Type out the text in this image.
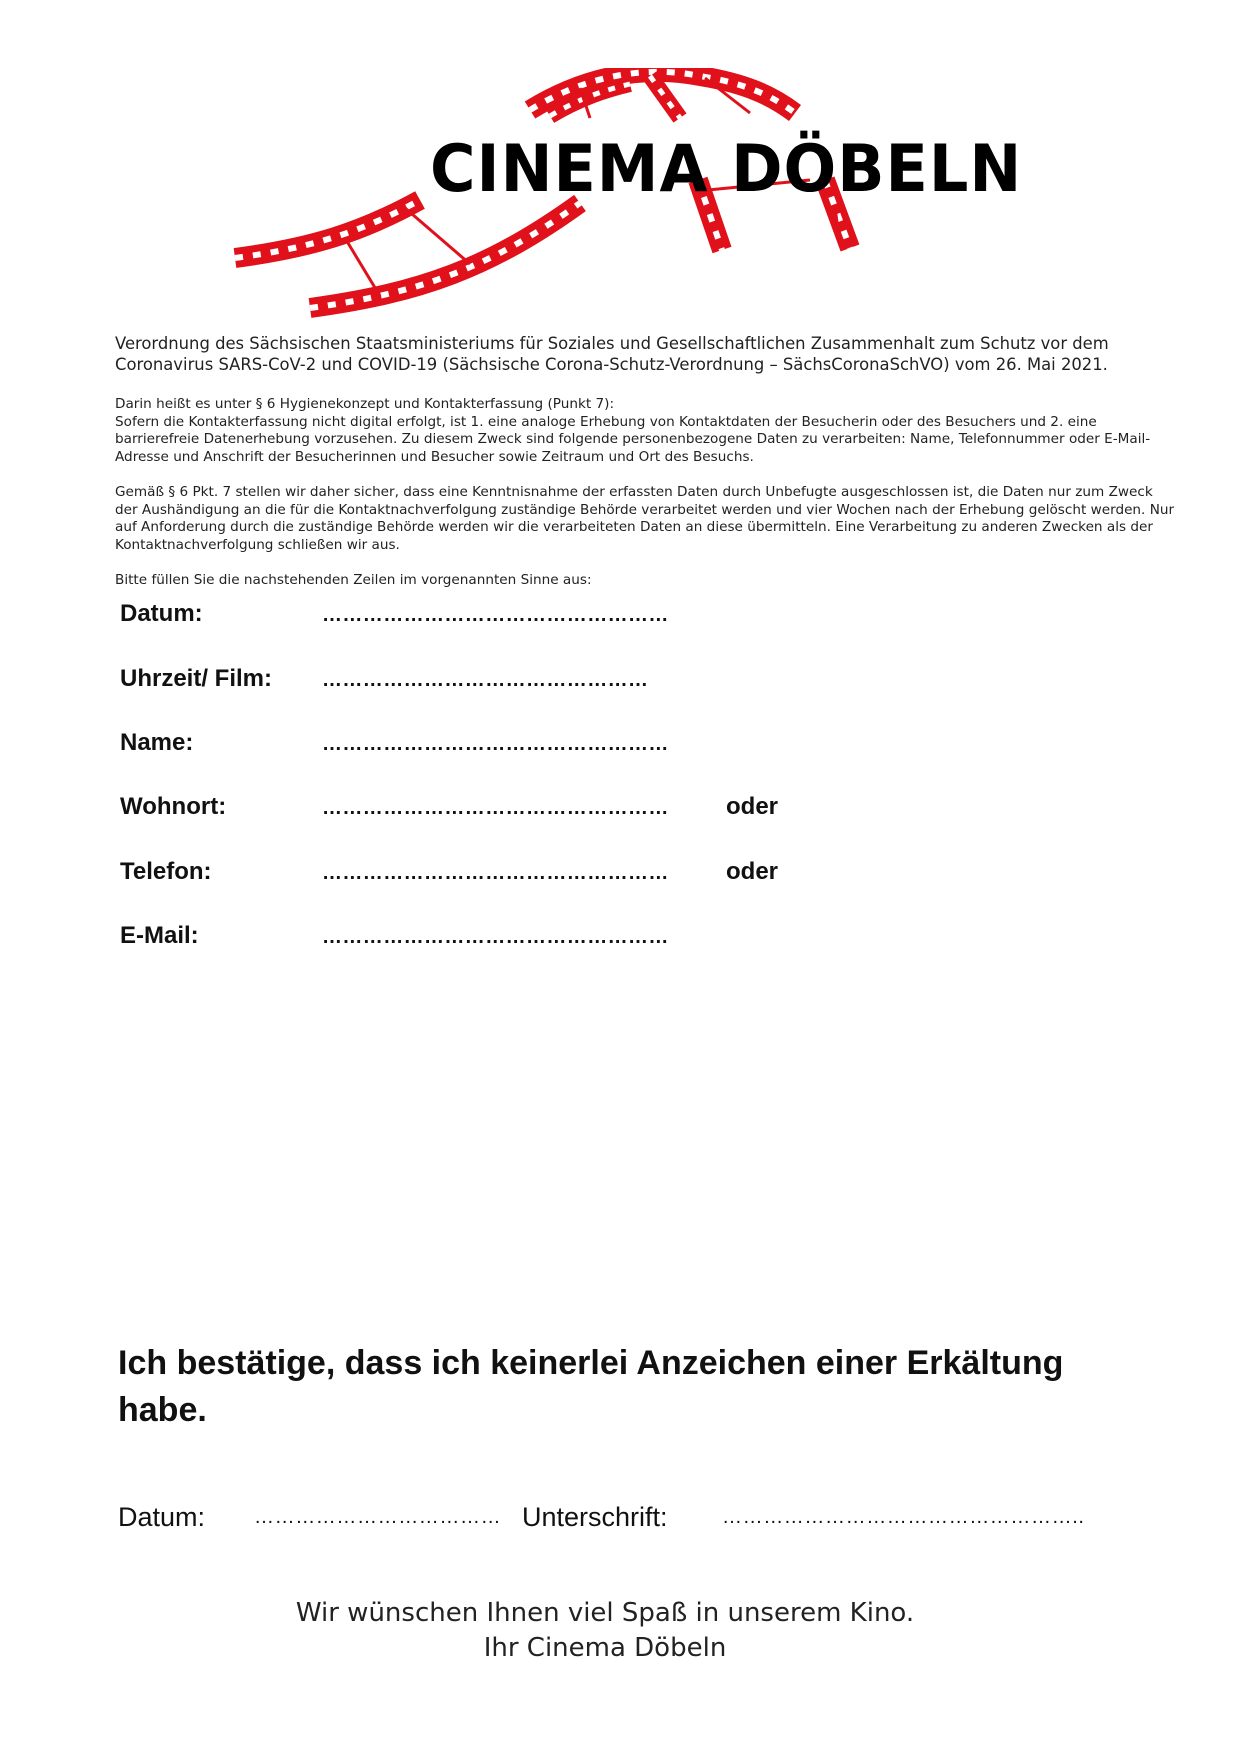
CINEMA DÖBELN
Verordnung des Sächsischen Staatsministeriums für Soziales und Gesellschaftlichen Zusammenhalt zum Schutz vor dem Coronavirus SARS-CoV-2 und COVID-19 (Sächsische Corona-Schutz-Verordnung – SächsCoronaSchVO) vom 26. Mai 2021.
Darin heißt es unter § 6 Hygienekonzept und Kontakterfassung (Punkt 7):
Sofern die Kontakterfassung nicht digital erfolgt, ist 1. eine analoge Erhebung von Kontaktdaten der Besucherin oder des Besuchers und 2. eine barrierefreie Datenerhebung vorzusehen. Zu diesem Zweck sind folgende personenbezogene Daten zu verarbeiten: Name, Telefonnummer oder E-Mail-Adresse und Anschrift der Besucherinnen und Besucher sowie Zeitraum und Ort des Besuchs.
Gemäß § 6 Pkt. 7 stellen wir daher sicher, dass eine Kenntnisnahme der erfassten Daten durch Unbefugte ausgeschlossen ist, die Daten nur zum Zweck der Aushändigung an die für die Kontaktnachverfolgung zuständige Behörde verarbeitet werden und vier Wochen nach der Erhebung gelöscht werden. Nur auf Anforderung durch die zuständige Behörde werden wir die verarbeiteten Daten an diese übermitteln. Eine Verarbeitung zu anderen Zwecken als der Kontaktnachverfolgung schließen wir aus.
Bitte füllen Sie die nachstehenden Zeilen im vorgenannten Sinne aus:
Datum:	……………………………………………
Uhrzeit/ Film: …………………………………………
Name:	……………………………………………
Wohnort:	…………………………………………… oder
Telefon:	…………………………………………… oder
E-Mail:	……………………………………………
Ich bestätige, dass ich keinerlei Anzeichen einer Erkältung habe.
Datum: ……………………………… Unterschrift:	……………………………………………..
Wir wünschen Ihnen viel Spaß in unserem Kino.
Ihr Cinema Döbeln
